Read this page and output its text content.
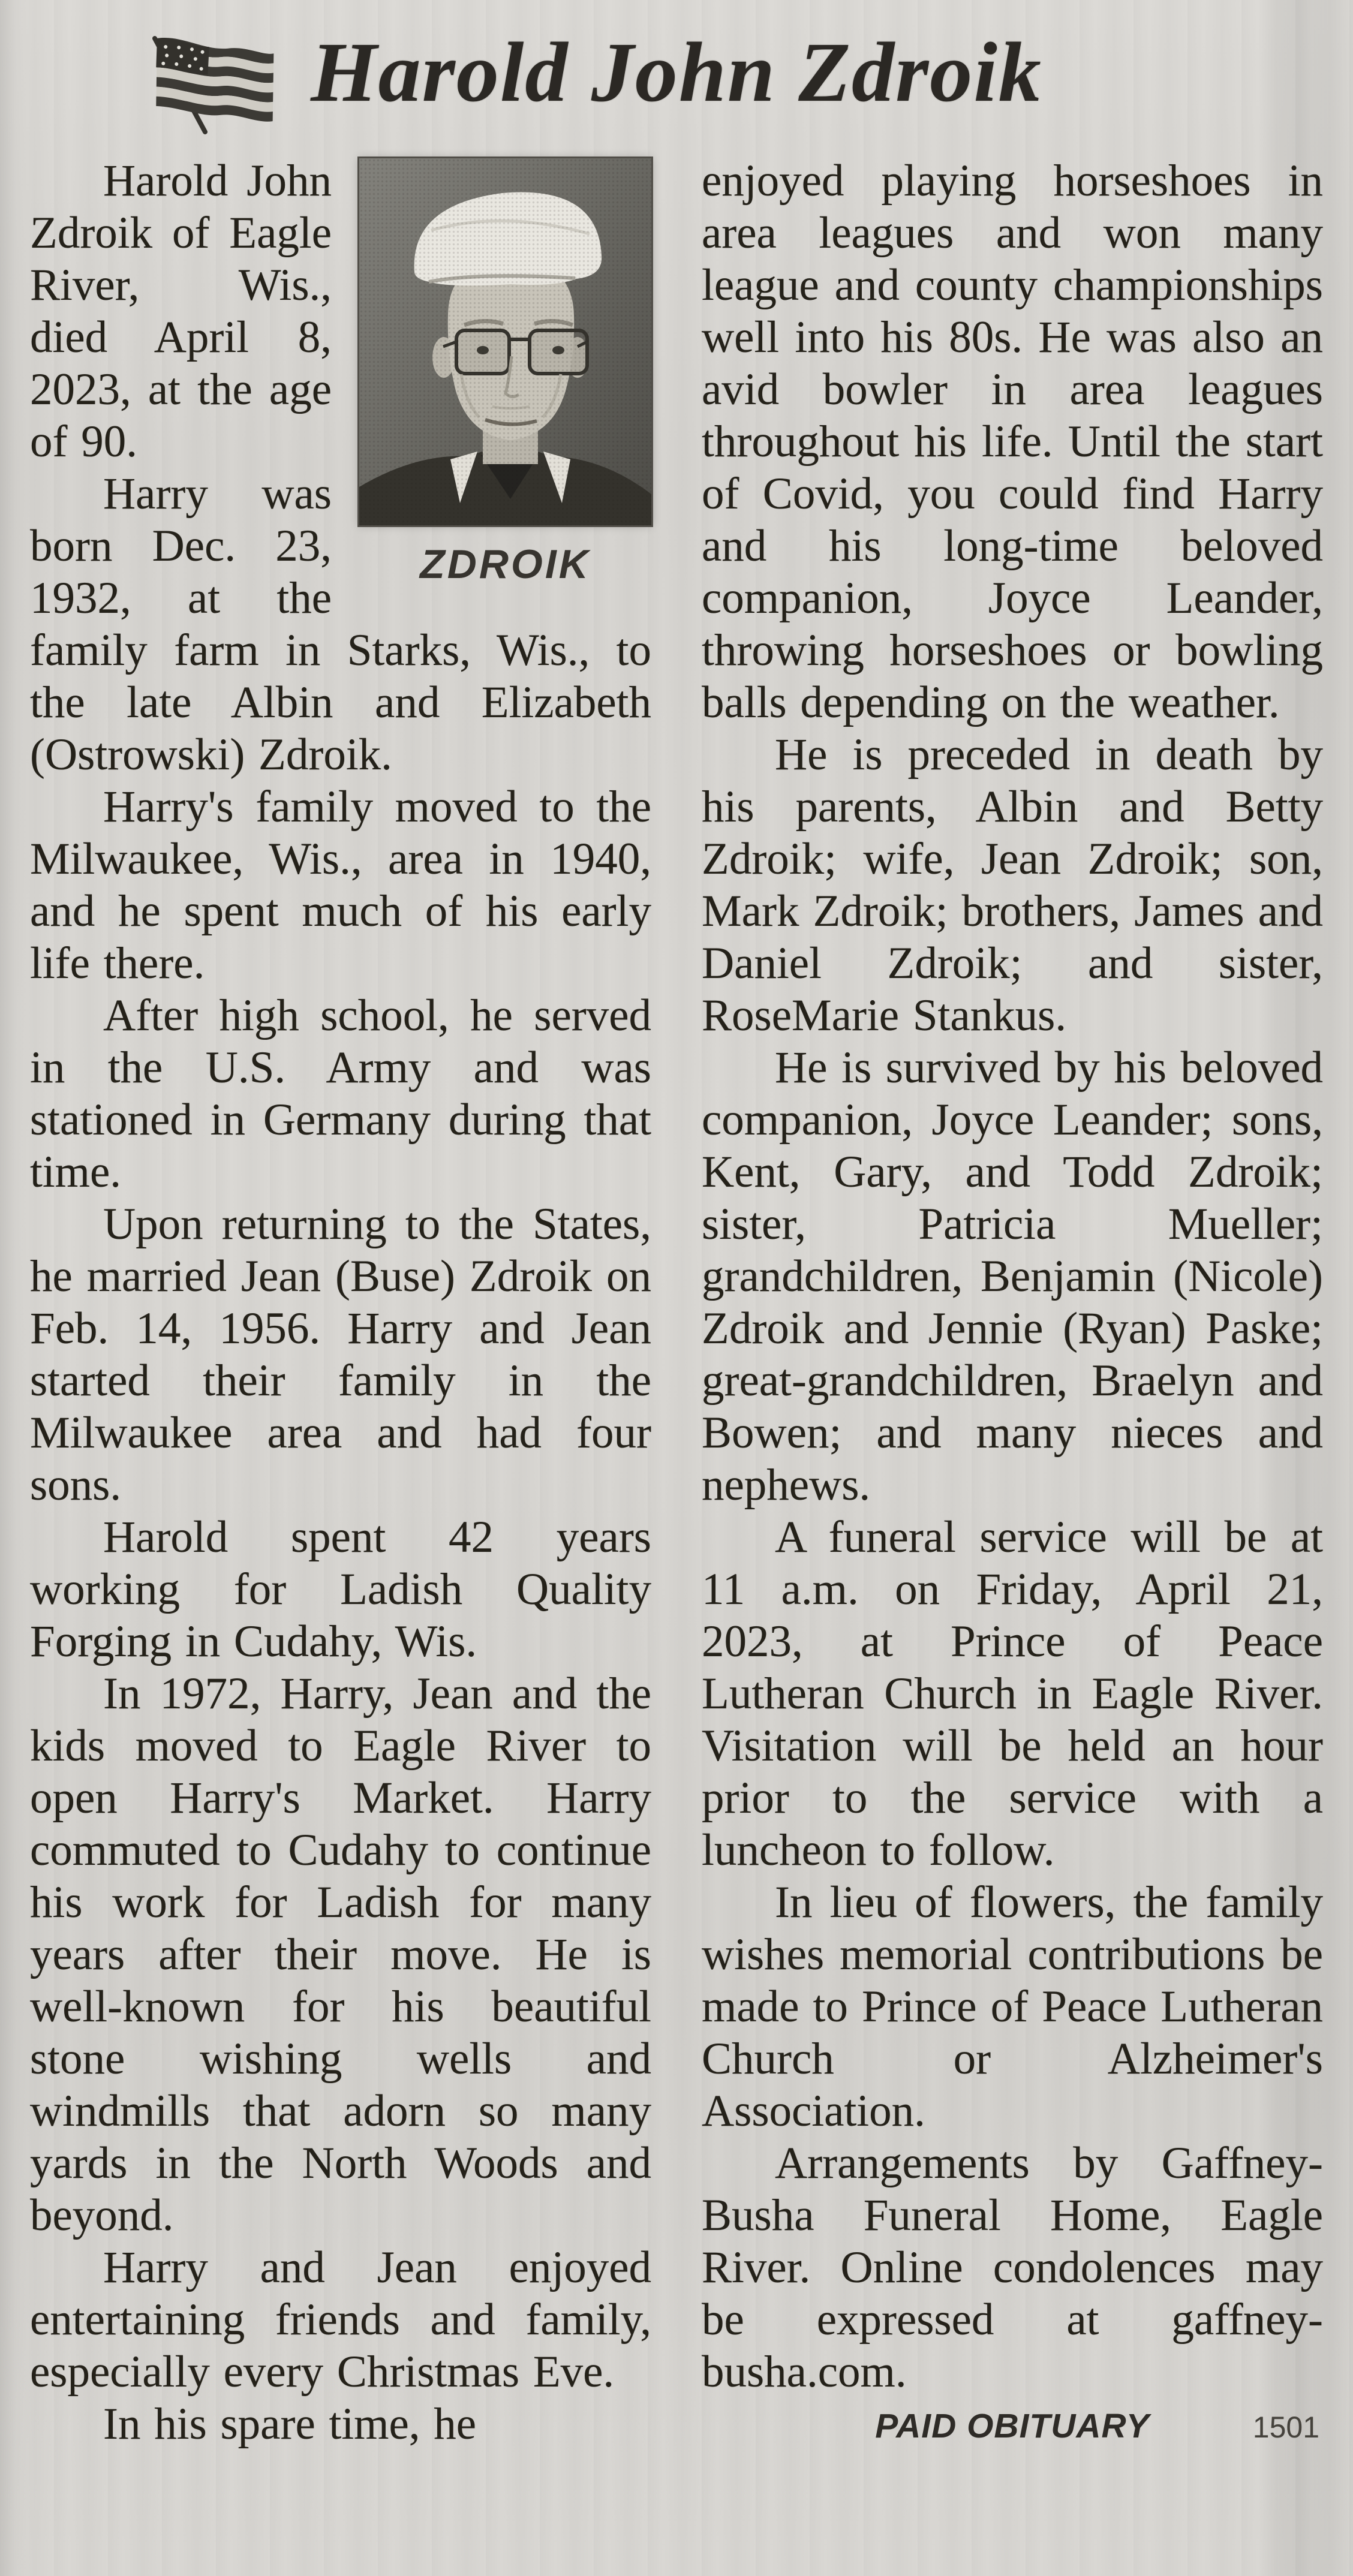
Harold John Zdroik
ZDROIK

Harold John Zdroik of Eagle River, Wis., died April 8, 2023, at the age of 90.

Harry was born Dec. 23, 1932, at the family farm in Starks, Wis., to the late Albin and Elizabeth (Ostrowski) Zdroik.

Harry's family moved to the Milwaukee, Wis., area in 1940, and he spent much of his early life there.

After high school, he served in the U.S. Army and was stationed in Germany during that time.

Upon returning to the States, he married Jean (Buse) Zdroik on Feb. 14, 1956. Harry and Jean started their family in the Milwaukee area and had four sons.

Harold spent 42 years working for Ladish Quality Forging in Cudahy, Wis.

In 1972, Harry, Jean and the kids moved to Eagle River to open Harry's Market. Harry commuted to Cudahy to continue his work for Ladish for many years after their move. He is well-known for his beautiful stone wishing wells and windmills that adorn so many yards in the North Woods and beyond.

Harry and Jean enjoyed entertaining friends and family, especially every Christmas Eve.

In his spare time, he

enjoyed playing horseshoes in area leagues and won many league and county championships well into his 80s. He was also an avid bowler in area leagues throughout his life. Until the start of Covid, you could find Harry and his long-time beloved companion, Joyce Leander, throwing horseshoes or bowling balls depending on the weather.

He is preceded in death by his parents, Albin and Betty Zdroik; wife, Jean Zdroik; son, Mark Zdroik; brothers, James and Daniel Zdroik; and sister, RoseMarie Stankus.

He is survived by his beloved companion, Joyce Leander; sons, Kent, Gary, and Todd Zdroik; sister, Patricia Mueller; grandchildren, Benjamin (Nicole) Zdroik and Jennie (Ryan) Paske; great-grandchildren, Braelyn and Bowen; and many nieces and nephews.

A funeral service will be at 11 a.m. on Friday, April 21, 2023, at Prince of Peace Lutheran Church in Eagle River. Visitation will be held an hour prior to the service with a luncheon to follow.

In lieu of flowers, the family wishes memorial contributions be made to Prince of Peace Lutheran Church or Alzheimer's Association.

Arrangements by Gaffney-Busha Funeral Home, Eagle River. Online condolences may be expressed at gaffney-busha.com.

PAID OBITUARY	1501
